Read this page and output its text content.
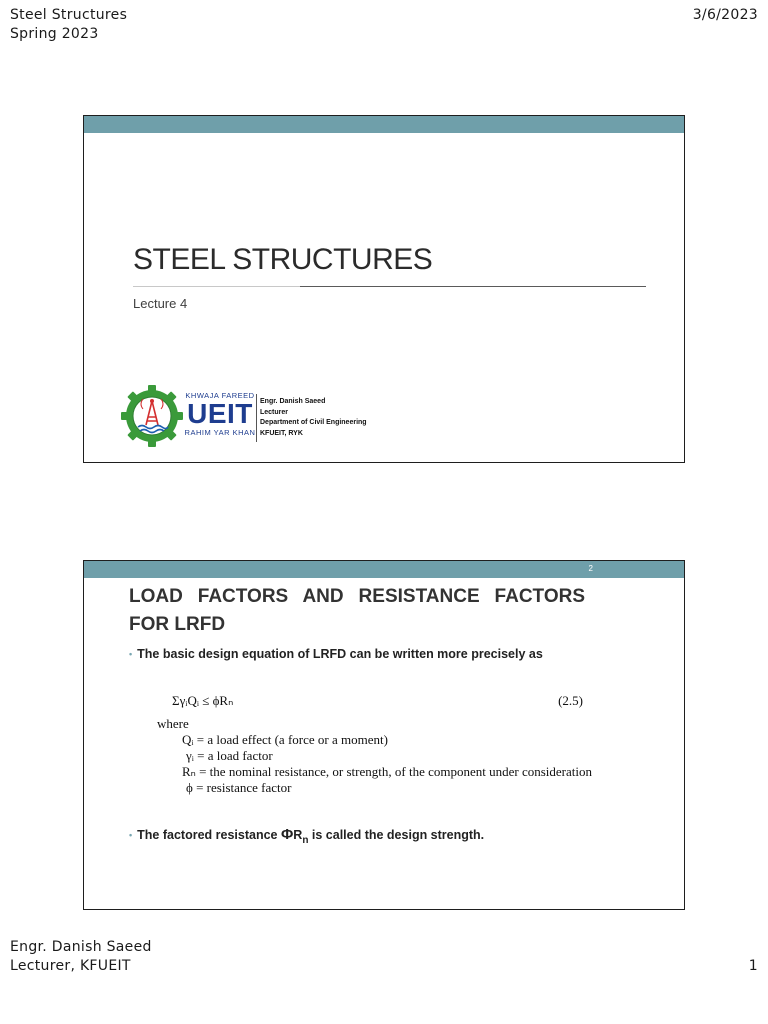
Steel Structures
Spring 2023
3/6/2023
STEEL STRUCTURES
Lecture 4
KHWAJA FAREED
UEIT
RAHIM YAR KHAN
Engr. Danish Saeed
Lecturer
Department of Civil Engineering
KFUEIT, RYK
2
LOAD FACTORS AND RESISTANCE FACTORS FOR LRFD
• The basic design equation of LRFD can be written more precisely as
ΣγᵢQᵢ ≤ ϕRₙ	(2.5)
where
Qᵢ = a load effect (a force or a moment)
γᵢ = a load factor
Rₙ = the nominal resistance, or strength, of the component under consideration
ϕ = resistance factor
• The factored resistance $\Phi R_n$ is called the design strength.
Engr. Danish Saeed
Lecturer, KFUEIT	1
